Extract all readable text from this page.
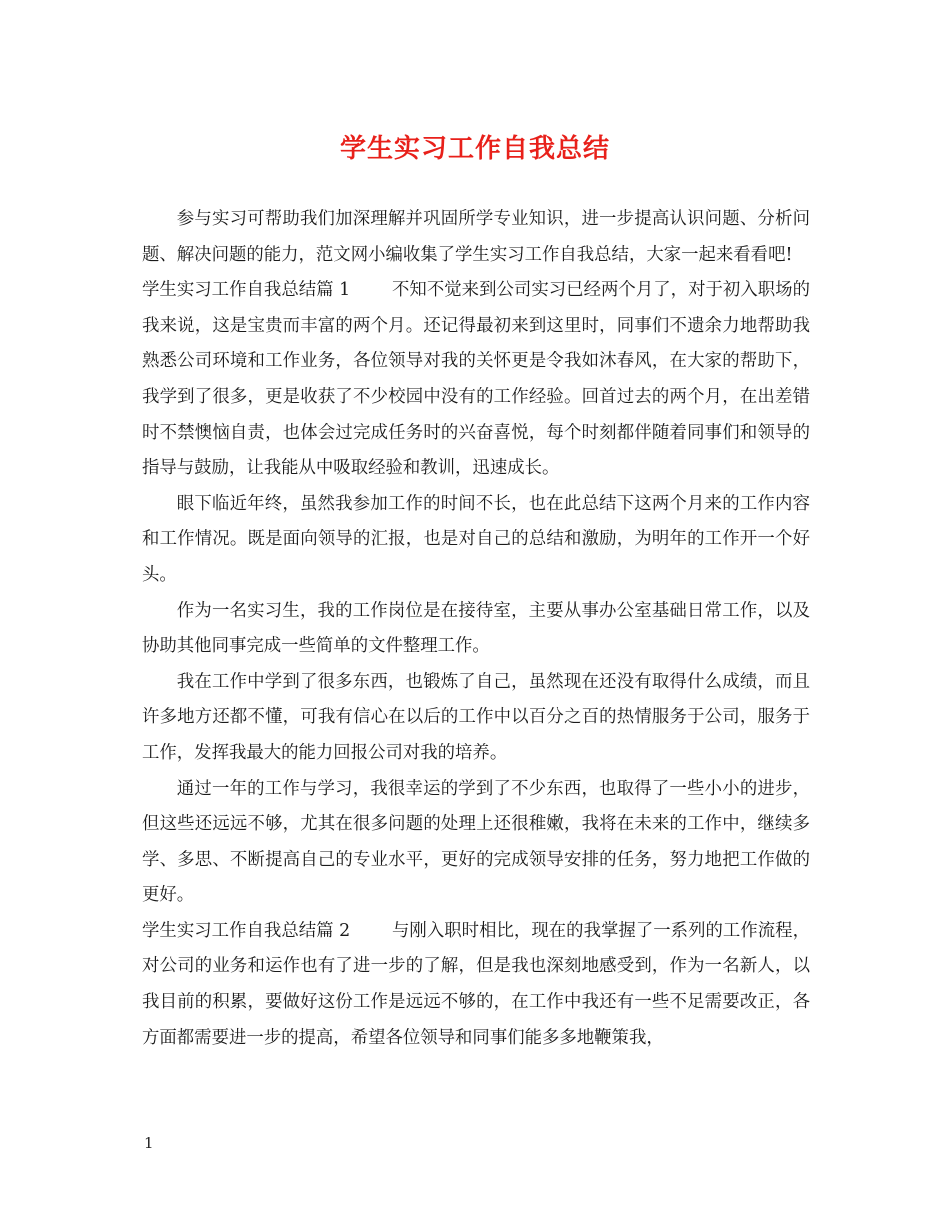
学生实习工作自我总结

参与实习可帮助我们加深理解并巩固所学专业知识，进一步提高认识问题、分析问题、解决问题的能力，范文网小编收集了学生实习工作自我总结，大家一起来看看吧!

学生实习工作自我总结篇 1 不知不觉来到公司实习已经两个月了，对于初入职场的我来说，这是宝贵而丰富的两个月。还记得最初来到这里时，同事们不遗余力地帮助我熟悉公司环境和工作业务，各位领导对我的关怀更是令我如沐春风，在大家的帮助下，我学到了很多，更是收获了不少校园中没有的工作经验。回首过去的两个月，在出差错时不禁懊恼自责，也体会过完成任务时的兴奋喜悦，每个时刻都伴随着同事们和领导的指导与鼓励，让我能从中吸取经验和教训，迅速成长。

眼下临近年终，虽然我参加工作的时间不长，也在此总结下这两个月来的工作内容和工作情况。既是面向领导的汇报，也是对自己的总结和激励，为明年的工作开一个好头。

作为一名实习生，我的工作岗位是在接待室，主要从事办公室基础日常工作，以及协助其他同事完成一些简单的文件整理工作。

我在工作中学到了很多东西，也锻炼了自己，虽然现在还没有取得什么成绩，而且许多地方还都不懂，可我有信心在以后的工作中以百分之百的热情服务于公司，服务于工作，发挥我最大的能力回报公司对我的培养。

通过一年的工作与学习，我很幸运的学到了不少东西，也取得了一些小小的进步，但这些还远远不够，尤其在很多问题的处理上还很稚嫩，我将在未来的工作中，继续多学、多思、不断提高自己的专业水平，更好的完成领导安排的任务，努力地把工作做的更好。

学生实习工作自我总结篇 2 与刚入职时相比，现在的我掌握了一系列的工作流程，对公司的业务和运作也有了进一步的了解，但是我也深刻地感受到，作为一名新人，以我目前的积累，要做好这份工作是远远不够的，在工作中我还有一些不足需要改正，各方面都需要进一步的提高，希望各位领导和同事们能多多地鞭策我，

1
